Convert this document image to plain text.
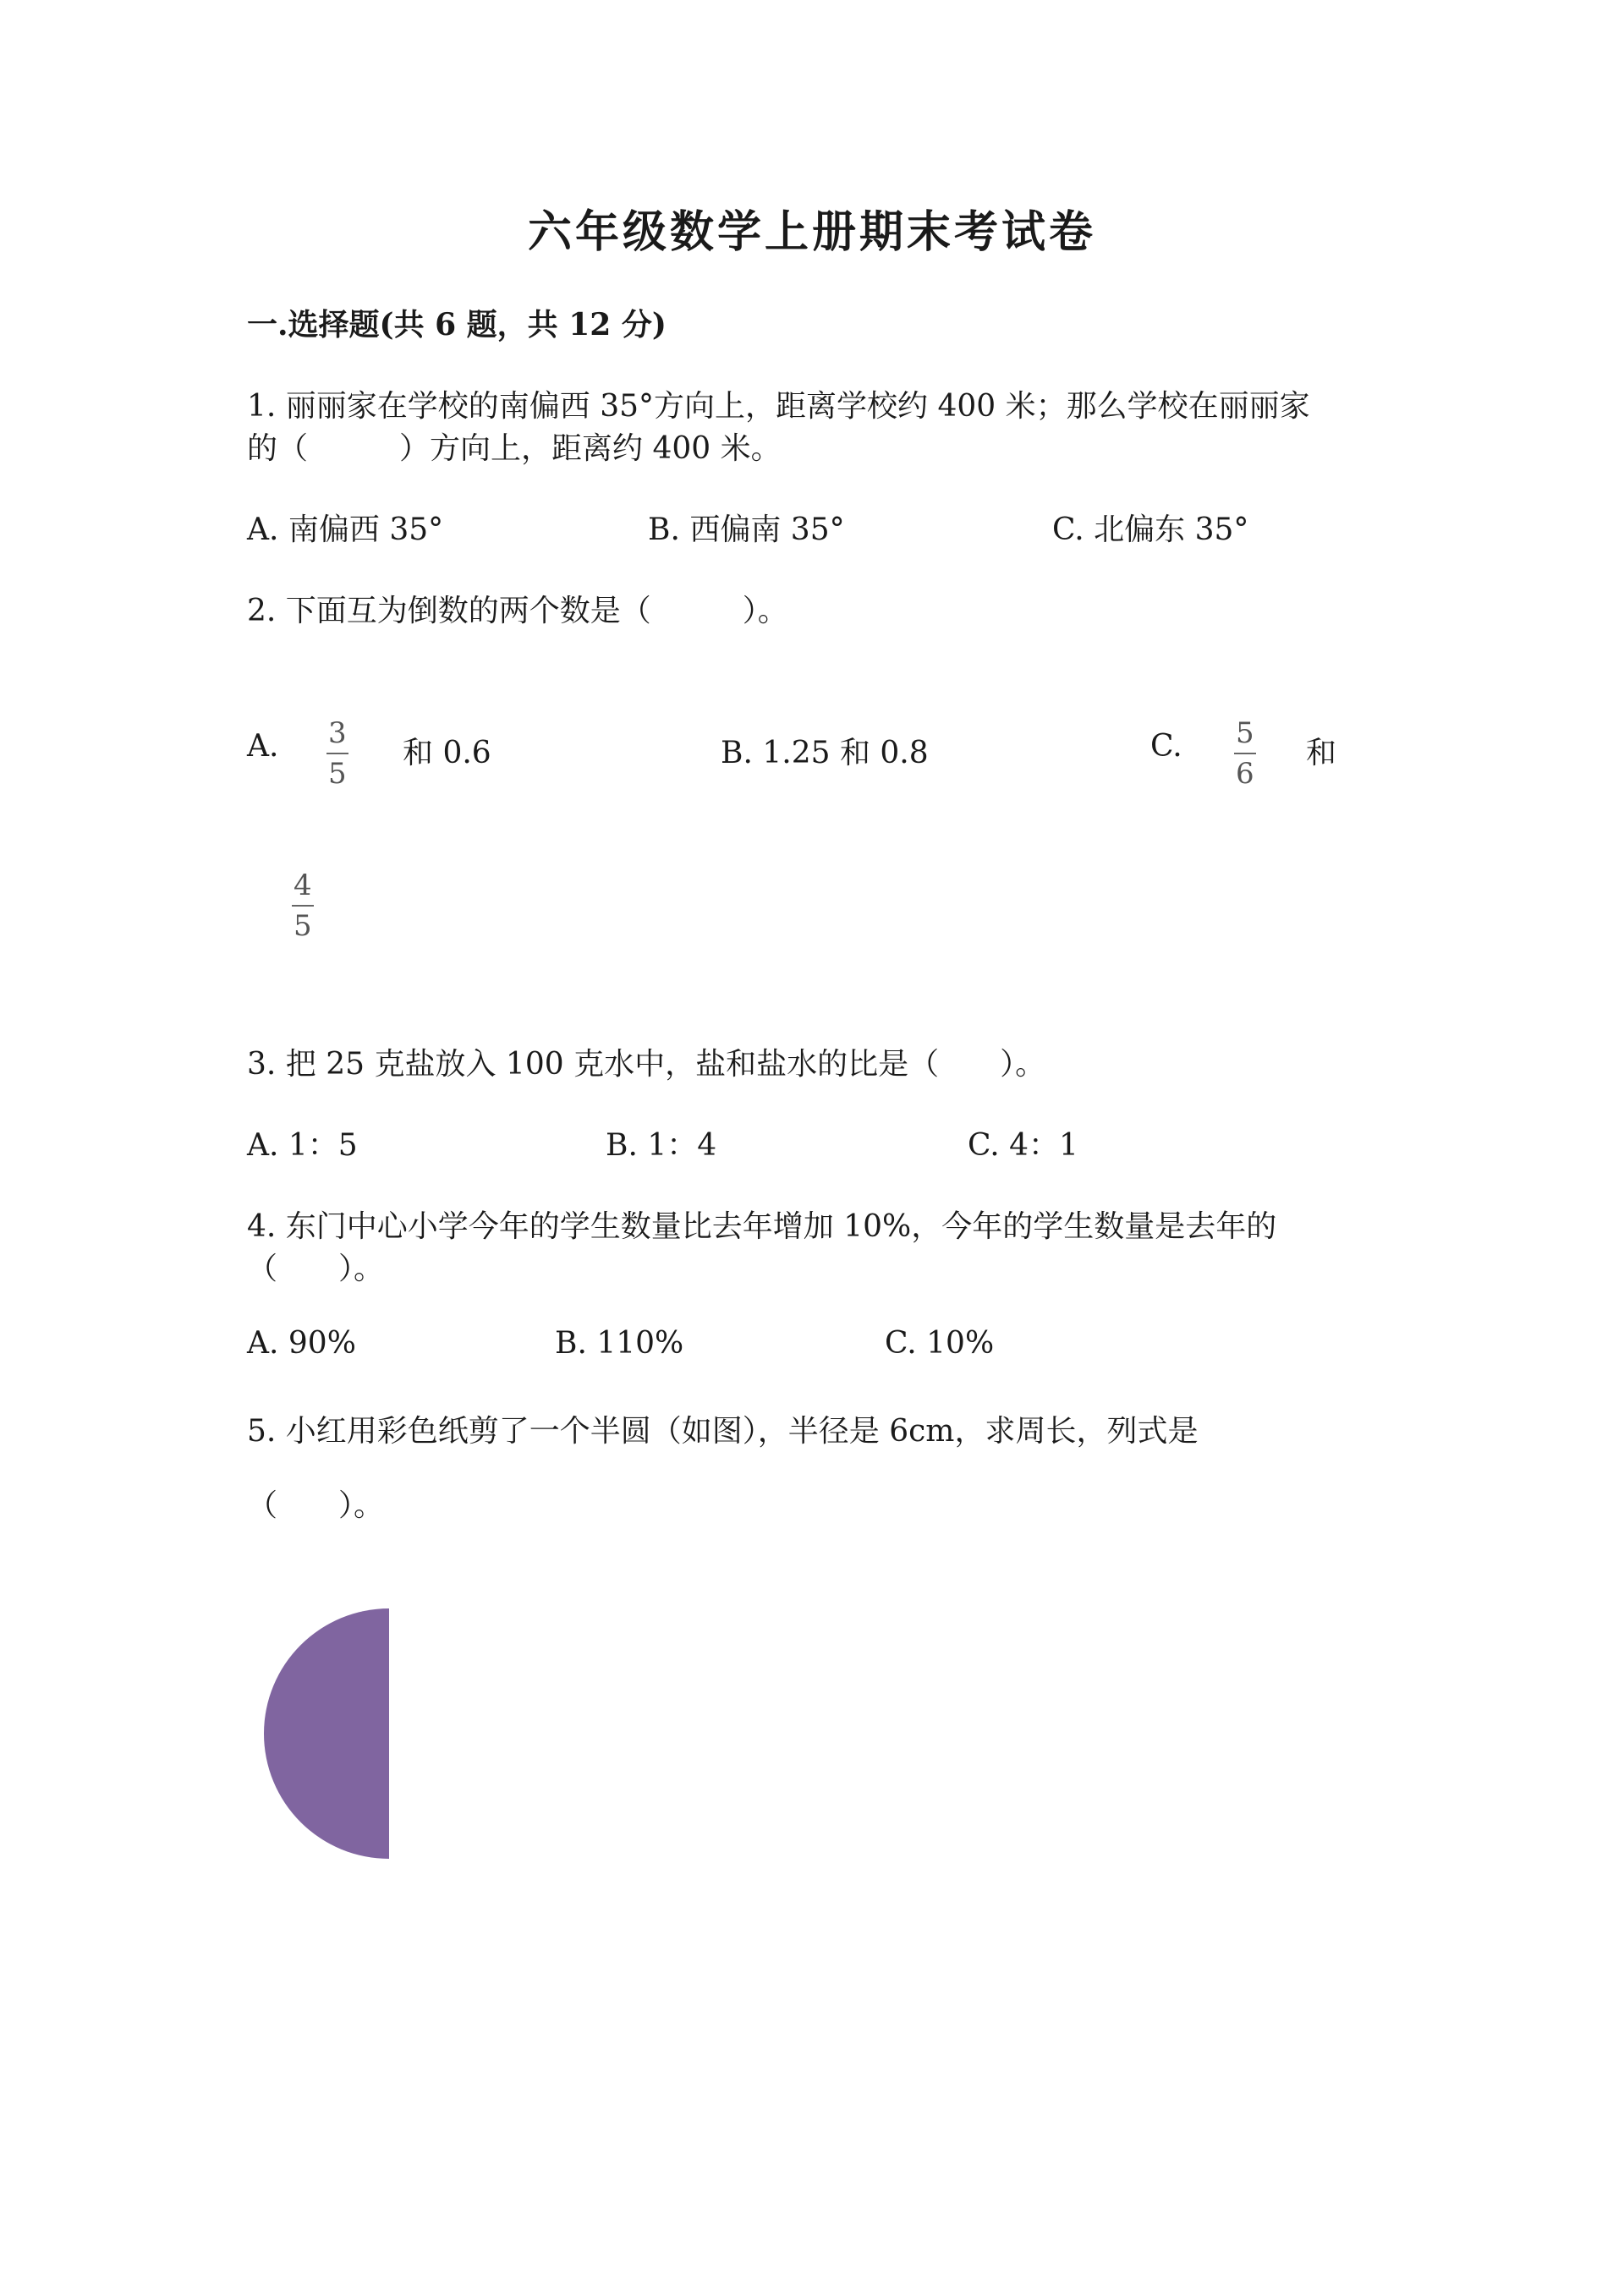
六年级数学上册期末考试卷
一.选择题(共 6 题，共 12 分)
1. 丽丽家在学校的南偏西 35°方向上，距离学校约 400 米；那么学校在丽丽家
的（　　　）方向上，距离约 400 米。
A. 南偏西 35°	B. 西偏南 35°	C. 北偏东 35°
2. 下面互为倒数的两个数是（　　　）。
A. 3
5
和 0.6	B. 1.25 和 0.8	C. 5
6
和
4
5
3. 把 25 克盐放入 100 克水中，盐和盐水的比是（　　）。
A. 1：5	B. 1：4	C. 4：1
4. 东门中心小学今年的学生数量比去年增加 10%，今年的学生数量是去年的
（　　）。
A. 90%	B. 110%	C. 10%
5. 小红用彩色纸剪了一个半圆（如图），半径是 6cm，求周长，列式是
（　　）。
